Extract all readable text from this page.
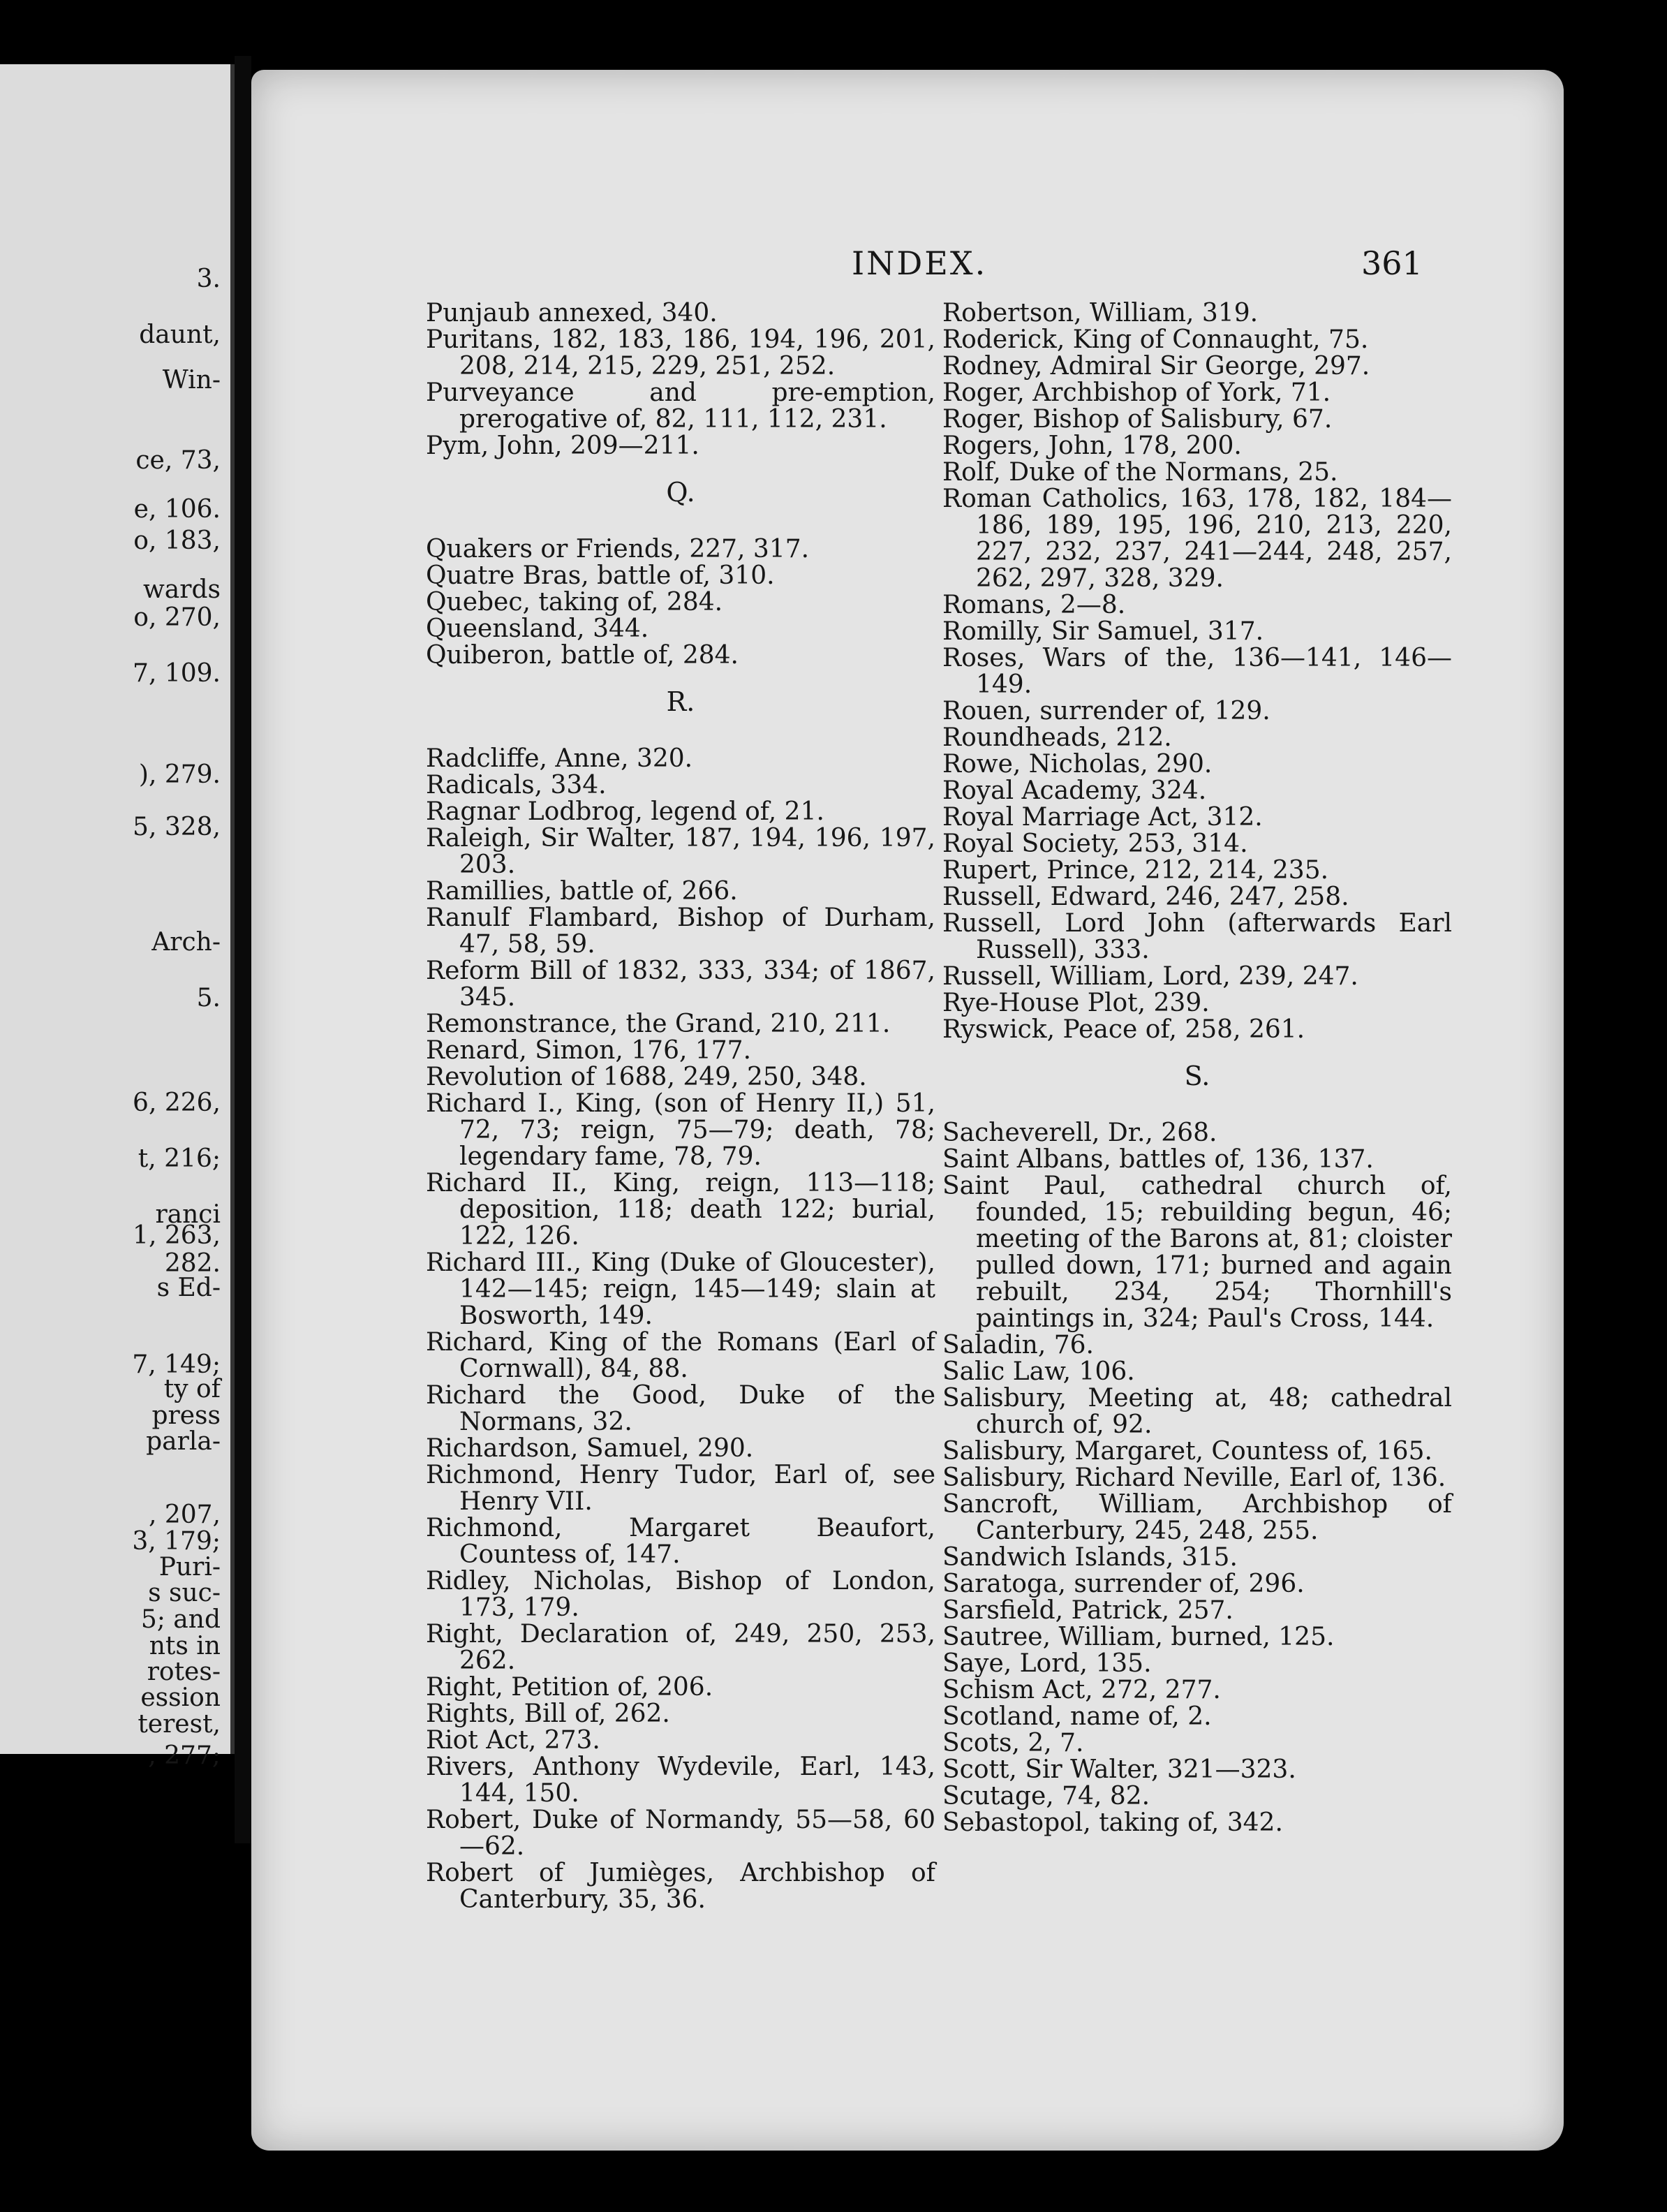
3.
daunt,
Win-
ce, 73,
e, 106.
o, 183,
wards
o, 270,
7, 109.
), 279.
5, 328,
Arch-
5.
6, 226,
t, 216;
ranci
1, 263,
282.
s Ed-
7, 149;
ty of
press
parla-
, 207,
3, 179;
Puri-
s suc-
5; and
nts in
rotes-
ession
terest,
, 277;
INDEX.	361
Punjaub annexed, 340.
Puritans, 182, 183, 186, 194, 196, 201, 208, 214, 215, 229, 251, 252.
Purveyance and pre-emption, prerogative of, 82, 111, 112, 231.
Pym, John, 209—211.
Q.
Quakers or Friends, 227, 317.
Quatre Bras, battle of, 310.
Quebec, taking of, 284.
Queensland, 344.
Quiberon, battle of, 284.
R.
Radcliffe, Anne, 320.
Radicals, 334.
Ragnar Lodbrog, legend of, 21.
Raleigh, Sir Walter, 187, 194, 196, 197, 203.
Ramillies, battle of, 266.
Ranulf Flambard, Bishop of Durham, 47, 58, 59.
Reform Bill of 1832, 333, 334; of 1867, 345.
Remonstrance, the Grand, 210, 211.
Renard, Simon, 176, 177.
Revolution of 1688, 249, 250, 348.
Richard I., King, (son of Henry II,) 51, 72, 73; reign, 75—79; death, 78; legendary fame, 78, 79.
Richard II., King, reign, 113—118; deposition, 118; death 122; burial, 122, 126.
Richard III., King (Duke of Gloucester), 142—145; reign, 145—149; slain at Bosworth, 149.
Richard, King of the Romans (Earl of Cornwall), 84, 88.
Richard the Good, Duke of the Normans, 32.
Richardson, Samuel, 290.
Richmond, Henry Tudor, Earl of, see Henry VII.
Richmond, Margaret Beaufort, Countess of, 147.
Ridley, Nicholas, Bishop of London, 173, 179.
Right, Declaration of, 249, 250, 253, 262.
Right, Petition of, 206.
Rights, Bill of, 262.
Riot Act, 273.
Rivers, Anthony Wydevile, Earl, 143, 144, 150.
Robert, Duke of Normandy, 55—58, 60—62.
Robert of Jumièges, Archbishop of Canterbury, 35, 36.
Robertson, William, 319.
Roderick, King of Connaught, 75.
Rodney, Admiral Sir George, 297.
Roger, Archbishop of York, 71.
Roger, Bishop of Salisbury, 67.
Rogers, John, 178, 200.
Rolf, Duke of the Normans, 25.
Roman Catholics, 163, 178, 182, 184—186, 189, 195, 196, 210, 213, 220, 227, 232, 237, 241—244, 248, 257, 262, 297, 328, 329.
Romans, 2—8.
Romilly, Sir Samuel, 317.
Roses, Wars of the, 136—141, 146—149.
Rouen, surrender of, 129.
Roundheads, 212.
Rowe, Nicholas, 290.
Royal Academy, 324.
Royal Marriage Act, 312.
Royal Society, 253, 314.
Rupert, Prince, 212, 214, 235.
Russell, Edward, 246, 247, 258.
Russell, Lord John (afterwards Earl Russell), 333.
Russell, William, Lord, 239, 247.
Rye-House Plot, 239.
Ryswick, Peace of, 258, 261.
S.
Sacheverell, Dr., 268.
Saint Albans, battles of, 136, 137.
Saint Paul, cathedral church of, founded, 15; rebuilding begun, 46; meeting of the Barons at, 81; cloister pulled down, 171; burned and again rebuilt, 234, 254; Thornhill's paintings in, 324; Paul's Cross, 144.
Saladin, 76.
Salic Law, 106.
Salisbury, Meeting at, 48; cathedral church of, 92.
Salisbury, Margaret, Countess of, 165.
Salisbury, Richard Neville, Earl of, 136.
Sancroft, William, Archbishop of Canterbury, 245, 248, 255.
Sandwich Islands, 315.
Saratoga, surrender of, 296.
Sarsfield, Patrick, 257.
Sautree, William, burned, 125.
Saye, Lord, 135.
Schism Act, 272, 277.
Scotland, name of, 2.
Scots, 2, 7.
Scott, Sir Walter, 321—323.
Scutage, 74, 82.
Sebastopol, taking of, 342.
